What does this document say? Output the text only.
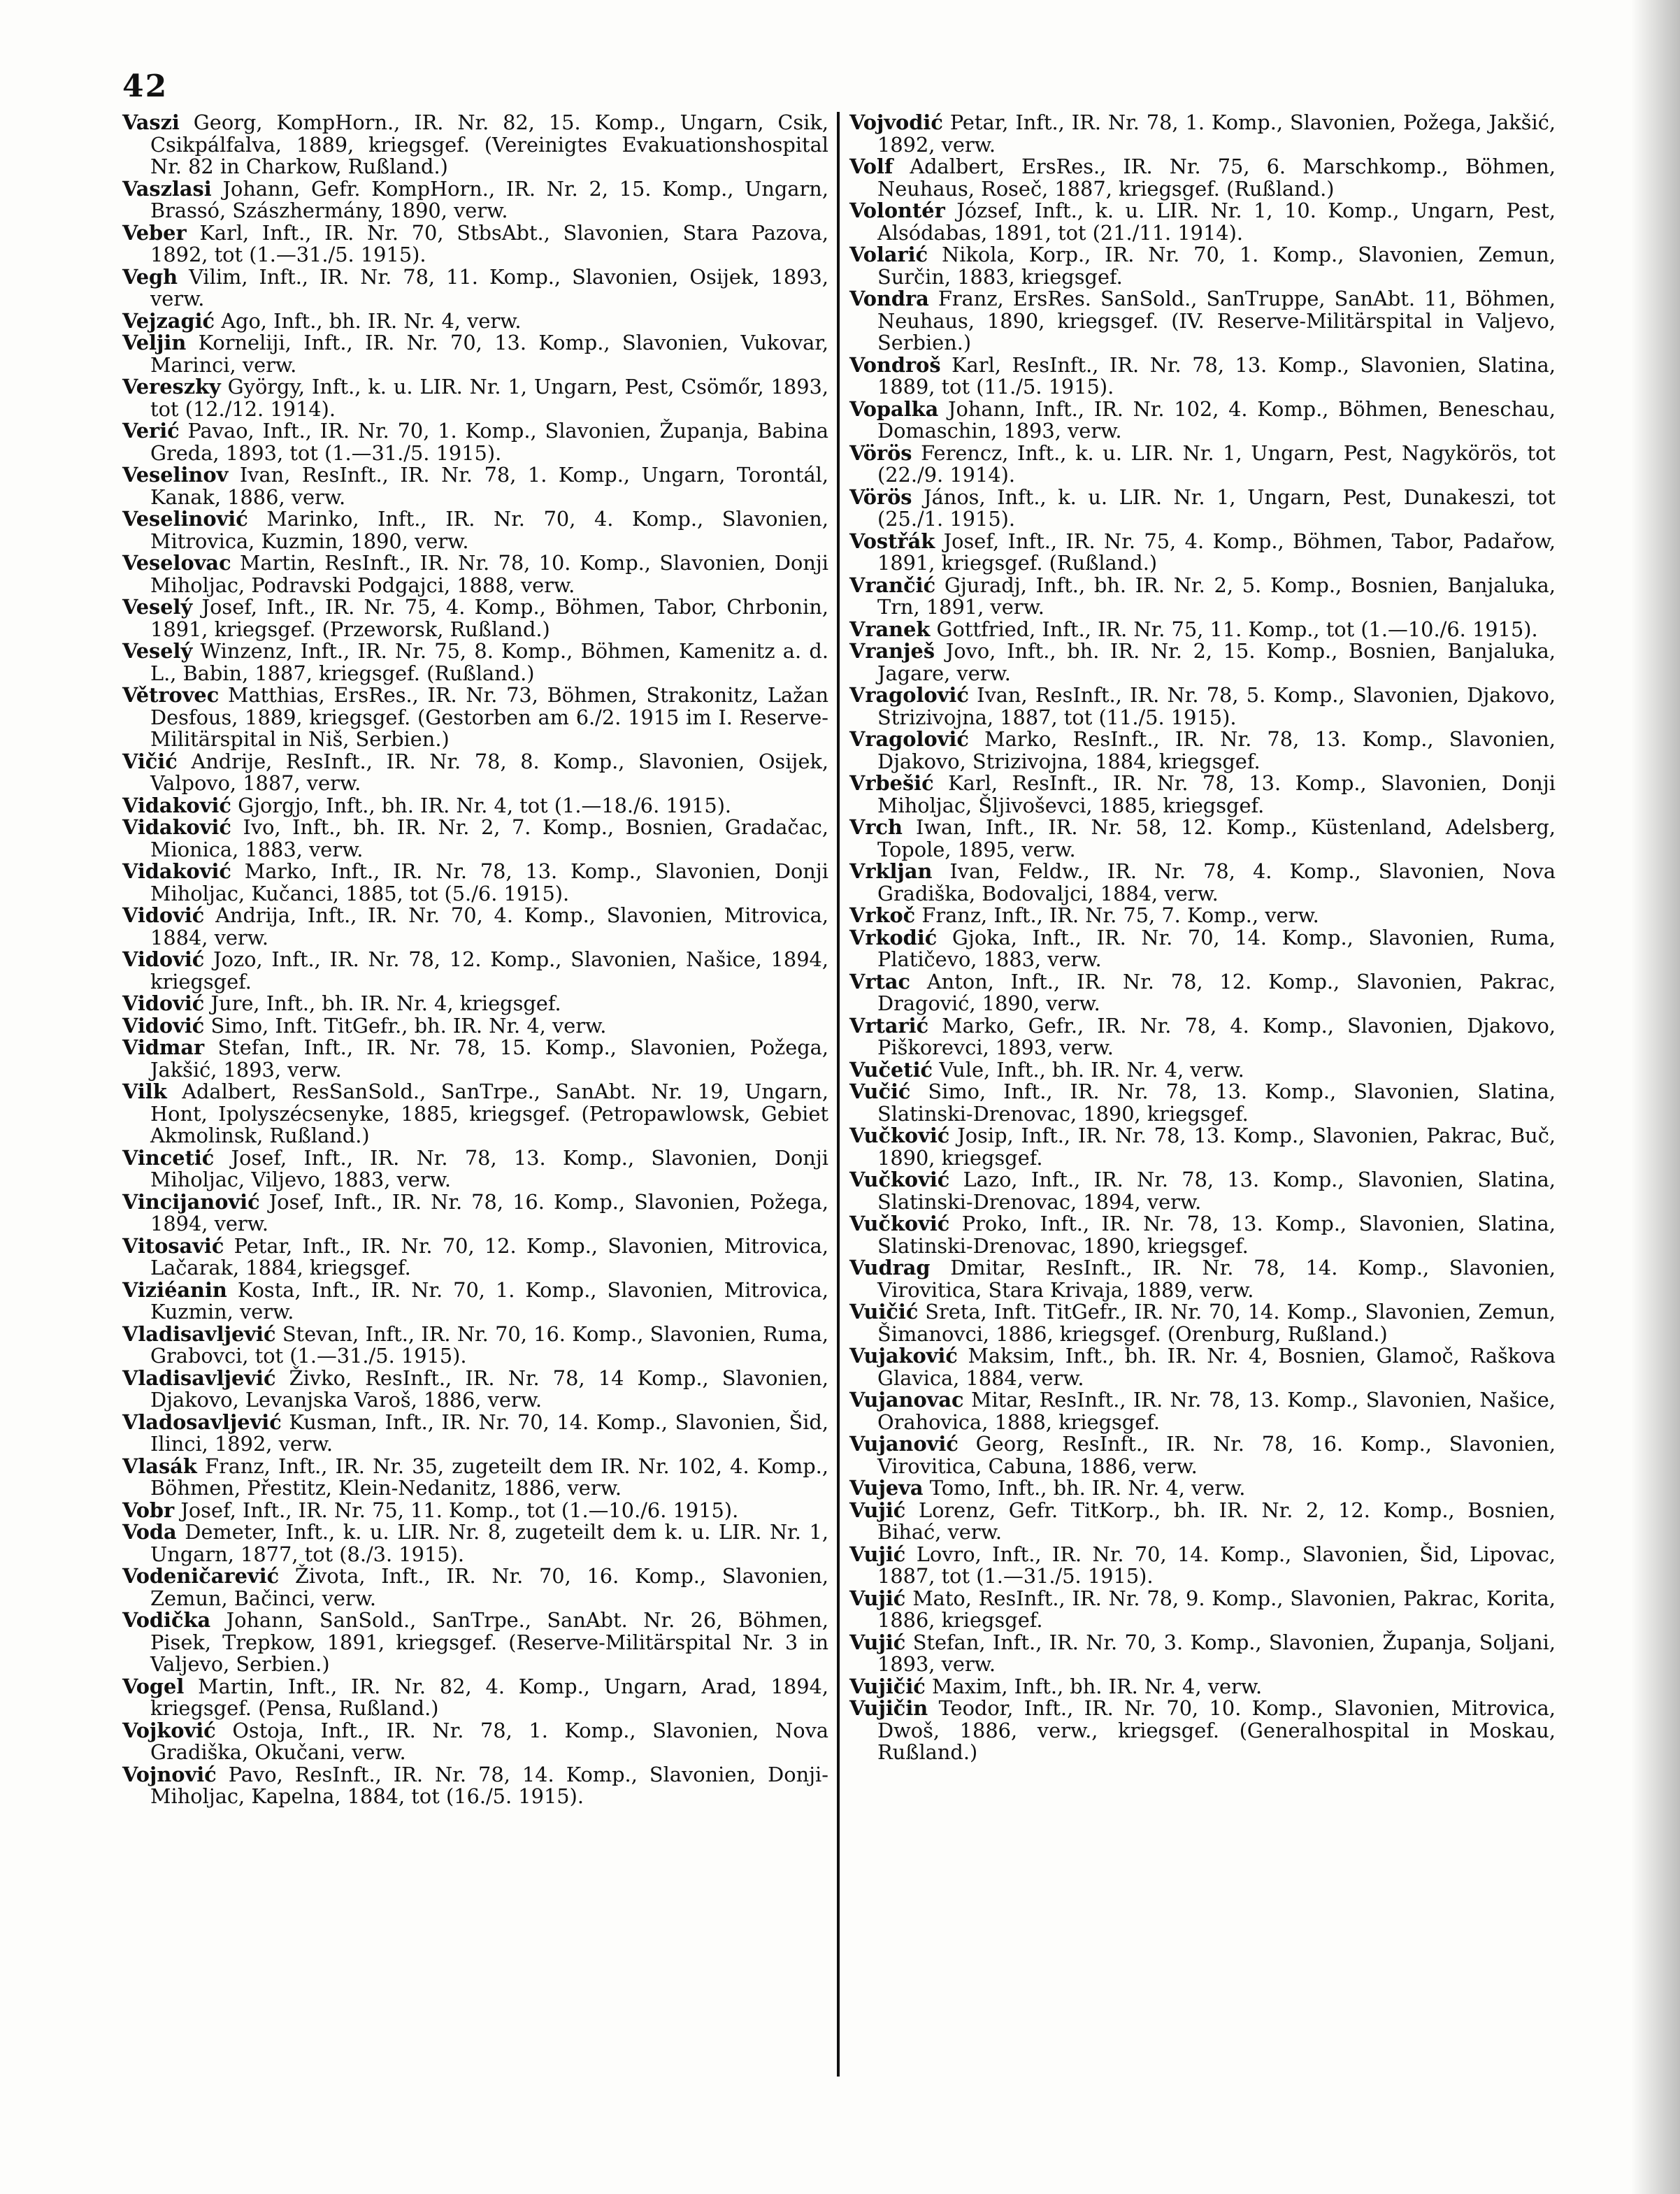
42
Vaszi Georg, KompHorn., IR. Nr. 82, 15. Komp., Ungarn, Csik, Csikpálfalva, 1889, kriegsgef. (Vereinigtes Evakuationshospital Nr. 82 in Charkow, Rußland.)
Vaszlasi Johann, Gefr. KompHorn., IR. Nr. 2, 15. Komp., Ungarn, Brassó, Szászhermány, 1890, verw.
Veber Karl, Inft., IR. Nr. 70, StbsAbt., Slavonien, Stara Pazova, 1892, tot (1.—31./5. 1915).
Vegh Vilim, Inft., IR. Nr. 78, 11. Komp., Slavonien, Osijek, 1893, verw.
Vejzagić Ago, Inft., bh. IR. Nr. 4, verw.
Veljin Korneliji, Inft., IR. Nr. 70, 13. Komp., Slavonien, Vukovar, Marinci, verw.
Vereszky György, Inft., k. u. LIR. Nr. 1, Ungarn, Pest, Csömőr, 1893, tot (12./12. 1914).
Verić Pavao, Inft., IR. Nr. 70, 1. Komp., Slavonien, Županja, Babina Greda, 1893, tot (1.—31./5. 1915).
Veselinov Ivan, ResInft., IR. Nr. 78, 1. Komp., Ungarn, Torontál, Kanak, 1886, verw.
Veselinović Marinko, Inft., IR. Nr. 70, 4. Komp., Slavonien, Mitrovica, Kuzmin, 1890, verw.
Veselovac Martin, ResInft., IR. Nr. 78, 10. Komp., Slavonien, Donji Miholjac, Podravski Podgajci, 1888, verw.
Veselý Josef, Inft., IR. Nr. 75, 4. Komp., Böhmen, Tabor, Chrbonin, 1891, kriegsgef. (Przeworsk, Rußland.)
Veselý Winzenz, Inft., IR. Nr. 75, 8. Komp., Böhmen, Kamenitz a. d. L., Babin, 1887, kriegsgef. (Rußland.)
Větrovec Matthias, ErsRes., IR. Nr. 73, Böhmen, Strakonitz, Lažan Desfous, 1889, kriegsgef. (Gestorben am 6./2. 1915 im I. Reserve-Militärspital in Niš, Serbien.)
Vičić Andrije, ResInft., IR. Nr. 78, 8. Komp., Slavonien, Osijek, Valpovo, 1887, verw.
Vidaković Gjorgjo, Inft., bh. IR. Nr. 4, tot (1.—18./6. 1915).
Vidaković Ivo, Inft., bh. IR. Nr. 2, 7. Komp., Bosnien, Gradačac, Mionica, 1883, verw.
Vidaković Marko, Inft., IR. Nr. 78, 13. Komp., Slavonien, Donji Miholjac, Kučanci, 1885, tot (5./6. 1915).
Vidović Andrija, Inft., IR. Nr. 70, 4. Komp., Slavonien, Mitrovica, 1884, verw.
Vidović Jozo, Inft., IR. Nr. 78, 12. Komp., Slavonien, Našice, 1894, kriegsgef.
Vidović Jure, Inft., bh. IR. Nr. 4, kriegsgef.
Vidović Simo, Inft. TitGefr., bh. IR. Nr. 4, verw.
Vidmar Stefan, Inft., IR. Nr. 78, 15. Komp., Slavonien, Požega, Jakšić, 1893, verw.
Vilk Adalbert, ResSanSold., SanTrpe., SanAbt. Nr. 19, Ungarn, Hont, Ipolyszécsenyke, 1885, kriegsgef. (Petropawlowsk, Gebiet Akmolinsk, Rußland.)
Vincetić Josef, Inft., IR. Nr. 78, 13. Komp., Slavonien, Donji Miholjac, Viljevo, 1883, verw.
Vincijanović Josef, Inft., IR. Nr. 78, 16. Komp., Slavonien, Požega, 1894, verw.
Vitosavić Petar, Inft., IR. Nr. 70, 12. Komp., Slavonien, Mitrovica, Lačarak, 1884, kriegsgef.
Viziéanin Kosta, Inft., IR. Nr. 70, 1. Komp., Slavonien, Mitrovica, Kuzmin, verw.
Vladisavljević Stevan, Inft., IR. Nr. 70, 16. Komp., Slavonien, Ruma, Grabovci, tot (1.—31./5. 1915).
Vladisavljević Živko, ResInft., IR. Nr. 78, 14 Komp., Slavonien, Djakovo, Levanjska Varoš, 1886, verw.
Vladosavljević Kusman, Inft., IR. Nr. 70, 14. Komp., Slavonien, Šid, Ilinci, 1892, verw.
Vlasák Franz, Inft., IR. Nr. 35, zugeteilt dem IR. Nr. 102, 4. Komp., Böhmen, Přestitz, Klein-Nedanitz, 1886, verw.
Vobr Josef, Inft., IR. Nr. 75, 11. Komp., tot (1.—10./6. 1915).
Voda Demeter, Inft., k. u. LIR. Nr. 8, zugeteilt dem k. u. LIR. Nr. 1, Ungarn, 1877, tot (8./3. 1915).
Vodeničarević Života, Inft., IR. Nr. 70, 16. Komp., Slavonien, Zemun, Bačinci, verw.
Vodička Johann, SanSold., SanTrpe., SanAbt. Nr. 26, Böhmen, Pisek, Trepkow, 1891, kriegsgef. (Reserve-Militärspital Nr. 3 in Valjevo, Serbien.)
Vogel Martin, Inft., IR. Nr. 82, 4. Komp., Ungarn, Arad, 1894, kriegsgef. (Pensa, Rußland.)
Vojković Ostoja, Inft., IR. Nr. 78, 1. Komp., Slavonien, Nova Gradiška, Okučani, verw.
Vojnović Pavo, ResInft., IR. Nr. 78, 14. Komp., Slavonien, Donji-Miholjac, Kapelna, 1884, tot (16./5. 1915).
Vojvodić Petar, Inft., IR. Nr. 78, 1. Komp., Slavonien, Požega, Jakšić, 1892, verw.
Volf Adalbert, ErsRes., IR. Nr. 75, 6. Marschkomp., Böhmen, Neuhaus, Roseč, 1887, kriegsgef. (Rußland.)
Volontér József, Inft., k. u. LIR. Nr. 1, 10. Komp., Ungarn, Pest, Alsódabas, 1891, tot (21./11. 1914).
Volarić Nikola, Korp., IR. Nr. 70, 1. Komp., Slavonien, Zemun, Surčin, 1883, kriegsgef.
Vondra Franz, ErsRes. SanSold., SanTruppe, SanAbt. 11, Böhmen, Neuhaus, 1890, kriegsgef. (IV. Reserve-Militärspital in Valjevo, Serbien.)
Vondroš Karl, ResInft., IR. Nr. 78, 13. Komp., Slavonien, Slatina, 1889, tot (11./5. 1915).
Vopalka Johann, Inft., IR. Nr. 102, 4. Komp., Böhmen, Beneschau, Domaschin, 1893, verw.
Vörös Ferencz, Inft., k. u. LIR. Nr. 1, Ungarn, Pest, Nagykörös, tot (22./9. 1914).
Vörös János, Inft., k. u. LIR. Nr. 1, Ungarn, Pest, Dunakeszi, tot (25./1. 1915).
Vostřák Josef, Inft., IR. Nr. 75, 4. Komp., Böhmen, Tabor, Padařow, 1891, kriegsgef. (Rußland.)
Vrančić Gjuradj, Inft., bh. IR. Nr. 2, 5. Komp., Bosnien, Banjaluka, Trn, 1891, verw.
Vranek Gottfried, Inft., IR. Nr. 75, 11. Komp., tot (1.—10./6. 1915).
Vranješ Jovo, Inft., bh. IR. Nr. 2, 15. Komp., Bosnien, Banjaluka, Jagare, verw.
Vragolović Ivan, ResInft., IR. Nr. 78, 5. Komp., Slavonien, Djakovo, Strizivojna, 1887, tot (11./5. 1915).
Vragolović Marko, ResInft., IR. Nr. 78, 13. Komp., Slavonien, Djakovo, Strizivojna, 1884, kriegsgef.
Vrbešić Karl, ResInft., IR. Nr. 78, 13. Komp., Slavonien, Donji Miholjac, Šljivoševci, 1885, kriegsgef.
Vrch Iwan, Inft., IR. Nr. 58, 12. Komp., Küstenland, Adelsberg, Topole, 1895, verw.
Vrkljan Ivan, Feldw., IR. Nr. 78, 4. Komp., Slavonien, Nova Gradiška, Bodovaljci, 1884, verw.
Vrkoč Franz, Inft., IR. Nr. 75, 7. Komp., verw.
Vrkodić Gjoka, Inft., IR. Nr. 70, 14. Komp., Slavonien, Ruma, Platičevo, 1883, verw.
Vrtac Anton, Inft., IR. Nr. 78, 12. Komp., Slavonien, Pakrac, Dragović, 1890, verw.
Vrtarić Marko, Gefr., IR. Nr. 78, 4. Komp., Slavonien, Djakovo, Piškorevci, 1893, verw.
Vučetić Vule, Inft., bh. IR. Nr. 4, verw.
Vučić Simo, Inft., IR. Nr. 78, 13. Komp., Slavonien, Slatina, Slatinski-Drenovac, 1890, kriegsgef.
Vučković Josip, Inft., IR. Nr. 78, 13. Komp., Slavonien, Pakrac, Buč, 1890, kriegsgef.
Vučković Lazo, Inft., IR. Nr. 78, 13. Komp., Slavonien, Slatina, Slatinski-Drenovac, 1894, verw.
Vučković Proko, Inft., IR. Nr. 78, 13. Komp., Slavonien, Slatina, Slatinski-Drenovac, 1890, kriegsgef.
Vudrag Dmitar, ResInft., IR. Nr. 78, 14. Komp., Slavonien, Virovitica, Stara Krivaja, 1889, verw.
Vuičić Sreta, Inft. TitGefr., IR. Nr. 70, 14. Komp., Slavonien, Zemun, Šimanovci, 1886, kriegsgef. (Orenburg, Rußland.)
Vujaković Maksim, Inft., bh. IR. Nr. 4, Bosnien, Glamoč, Raškova Glavica, 1884, verw.
Vujanovac Mitar, ResInft., IR. Nr. 78, 13. Komp., Slavonien, Našice, Orahovica, 1888, kriegsgef.
Vujanović Georg, ResInft., IR. Nr. 78, 16. Komp., Slavonien, Virovitica, Cabuna, 1886, verw.
Vujeva Tomo, Inft., bh. IR. Nr. 4, verw.
Vujić Lorenz, Gefr. TitKorp., bh. IR. Nr. 2, 12. Komp., Bosnien, Bihać, verw.
Vujić Lovro, Inft., IR. Nr. 70, 14. Komp., Slavonien, Šid, Lipovac, 1887, tot (1.—31./5. 1915).
Vujić Mato, ResInft., IR. Nr. 78, 9. Komp., Slavonien, Pakrac, Korita, 1886, kriegsgef.
Vujić Stefan, Inft., IR. Nr. 70, 3. Komp., Slavonien, Županja, Soljani, 1893, verw.
Vujičić Maxim, Inft., bh. IR. Nr. 4, verw.
Vujičin Teodor, Inft., IR. Nr. 70, 10. Komp., Slavonien, Mitrovica, Dwoš, 1886, verw., kriegsgef. (Generalhospital in Moskau, Rußland.)
